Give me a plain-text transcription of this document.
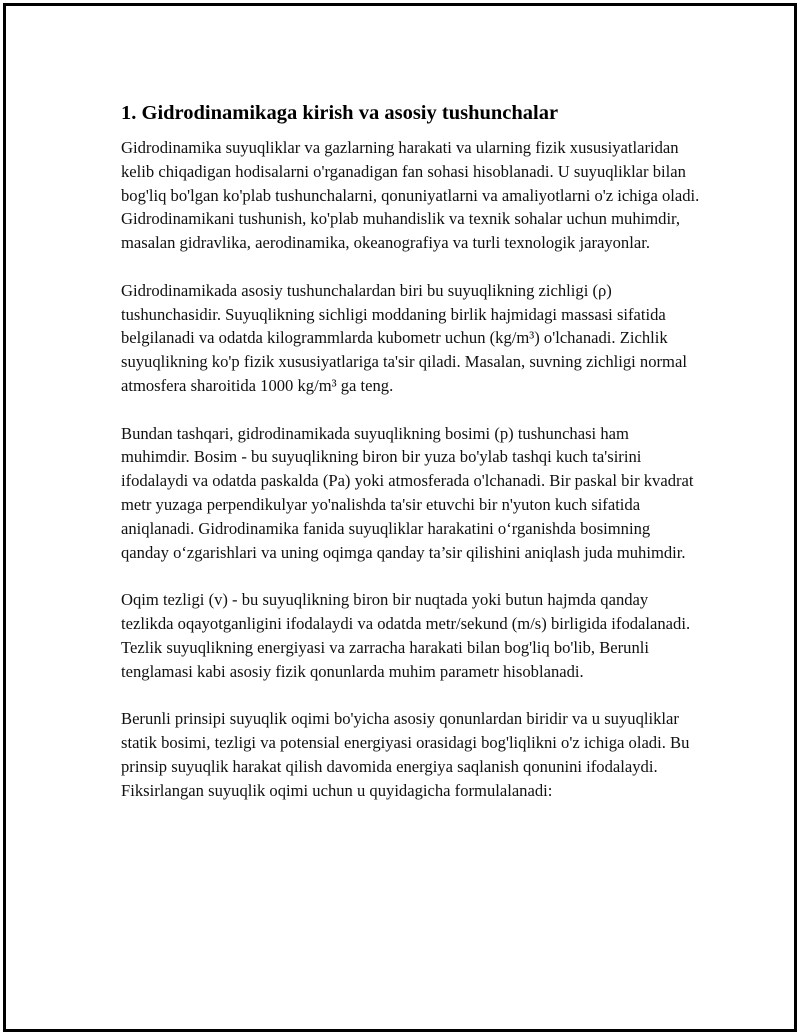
1. Gidrodinamikaga kirish va asosiy tushunchalar

Gidrodinamika suyuqliklar va gazlarning harakati va ularning fizik xususiyatlaridan kelib chiqadigan hodisalarni o'rganadigan fan sohasi hisoblanadi. U suyuqliklar bilan bog'liq bo'lgan ko'plab tushunchalarni, qonuniyatlarni va amaliyotlarni o'z ichiga oladi. Gidrodinamikani tushunish, ko'plab muhandislik va texnik sohalar uchun muhimdir, masalan gidravlika, aerodinamika, okeanografiya va turli texnologik jarayonlar.

Gidrodinamikada asosiy tushunchalardan biri bu suyuqlikning zichligi (ρ) tushunchasidir. Suyuqlikning sichligi moddaning birlik hajmidagi massasi sifatida belgilanadi va odatda kilogrammlarda kubometr uchun (kg/m³) o'lchanadi. Zichlik suyuqlikning ko'p fizik xususiyatlariga ta'sir qiladi. Masalan, suvning zichligi normal atmosfera sharoitida 1000 kg/m³ ga teng.

Bundan tashqari, gidrodinamikada suyuqlikning bosimi (p) tushunchasi ham muhimdir. Bosim - bu suyuqlikning biron bir yuza bo'ylab tashqi kuch ta'sirini ifodalaydi va odatda paskalda (Pa) yoki atmosferada o'lchanadi. Bir paskal bir kvadrat metr yuzaga perpendikulyar yo'nalishda ta'sir etuvchi bir n'yuton kuch sifatida aniqlanadi. Gidrodinamika fanida suyuqliklar harakatini o‘rganishda bosimning qanday o‘zgarishlari va uning oqimga qanday ta’sir qilishini aniqlash juda muhimdir.

Oqim tezligi (v) - bu suyuqlikning biron bir nuqtada yoki butun hajmda qanday tezlikda oqayotganligini ifodalaydi va odatda metr/sekund (m/s) birligida ifodalanadi. Tezlik suyuqlikning energiyasi va zarracha harakati bilan bog'liq bo'lib, Berunli tenglamasi kabi asosiy fizik qonunlarda muhim parametr hisoblanadi.

Berunli prinsipi suyuqlik oqimi bo'yicha asosiy qonunlardan biridir va u suyuqliklar statik bosimi, tezligi va potensial energiyasi orasidagi bog'liqlikni o'z ichiga oladi. Bu prinsip suyuqlik harakat qilish davomida energiya saqlanish qonunini ifodalaydi. Fiksirlangan suyuqlik oqimi uchun u quyidagicha formulalanadi:
